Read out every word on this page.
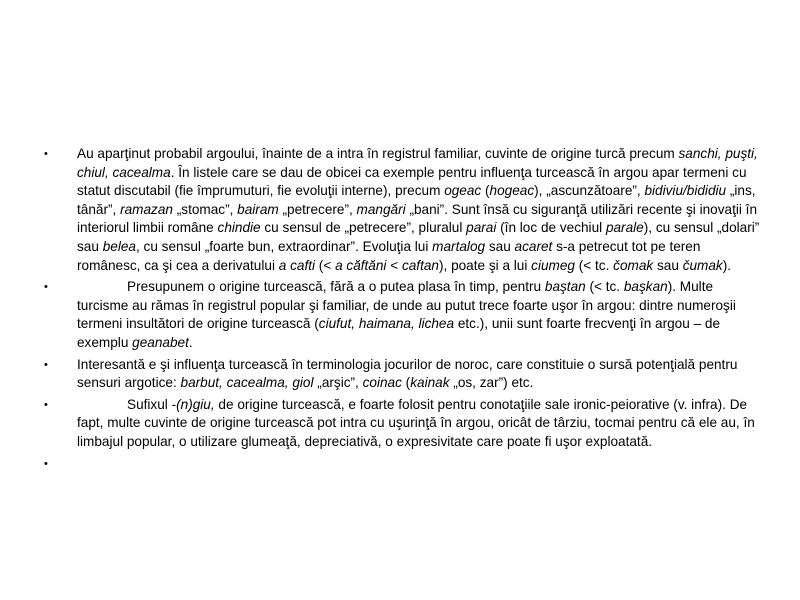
•	Au aparţinut probabil argoului, înainte de a intra în registrul familiar, cuvinte de origine turcă precum sanchi, puşti, chiul, cacealma. În listele care se dau de obicei ca exemple pentru influenţa turcească în argou apar termeni cu statut discutabil (fie împrumuturi, fie evoluţii interne), precum ogeac (hogeac), „ascunzătoare”, bidiviu/bididiu „ins, tânăr”, ramazan „stomac”, bairam „petrecere”, mangări „bani”. Sunt însă cu siguranţă utilizări recente şi inovaţii în interiorul limbii române chindie cu sensul de „petrecere”, pluralul parai (în loc de vechiul parale), cu sensul „dolari” sau belea, cu sensul „foarte bun, extraordinar”. Evoluţia lui martalog sau acaret s-a petrecut tot pe teren românesc, ca şi cea a derivatului a cafti (< a căftăni < caftan), poate şi a lui ciumeg (< tc. čomak sau čumak).
•	Presupunem o origine turcească, fără a o putea plasa în timp, pentru baştan (< tc. başkan). Multe turcisme au rămas în registrul popular şi familiar, de unde au putut trece foarte uşor în argou: dintre numeroşii termeni insultători de origine turcească (ciufut, haimana, lichea etc.), unii sunt foarte frecvenţi în argou – de exemplu geanabet.
•	Interesantă e şi influenţa turcească în terminologia jocurilor de noroc, care constituie o sursă potenţială pentru sensuri argotice: barbut, cacealma, giol „arşic”, coinac (kainak „os, zar”) etc.
•	Sufixul -(n)giu, de origine turcească, e foarte folosit pentru conotaţiile sale ironic-peiorative (v. infra). De fapt, multe cuvinte de origine turcească pot intra cu uşurinţă în argou, oricât de târziu, tocmai pentru că ele au, în limbajul popular, o utilizare glumeaţă, depreciativă, o expresivitate care poate fi uşor exploatată.
•
